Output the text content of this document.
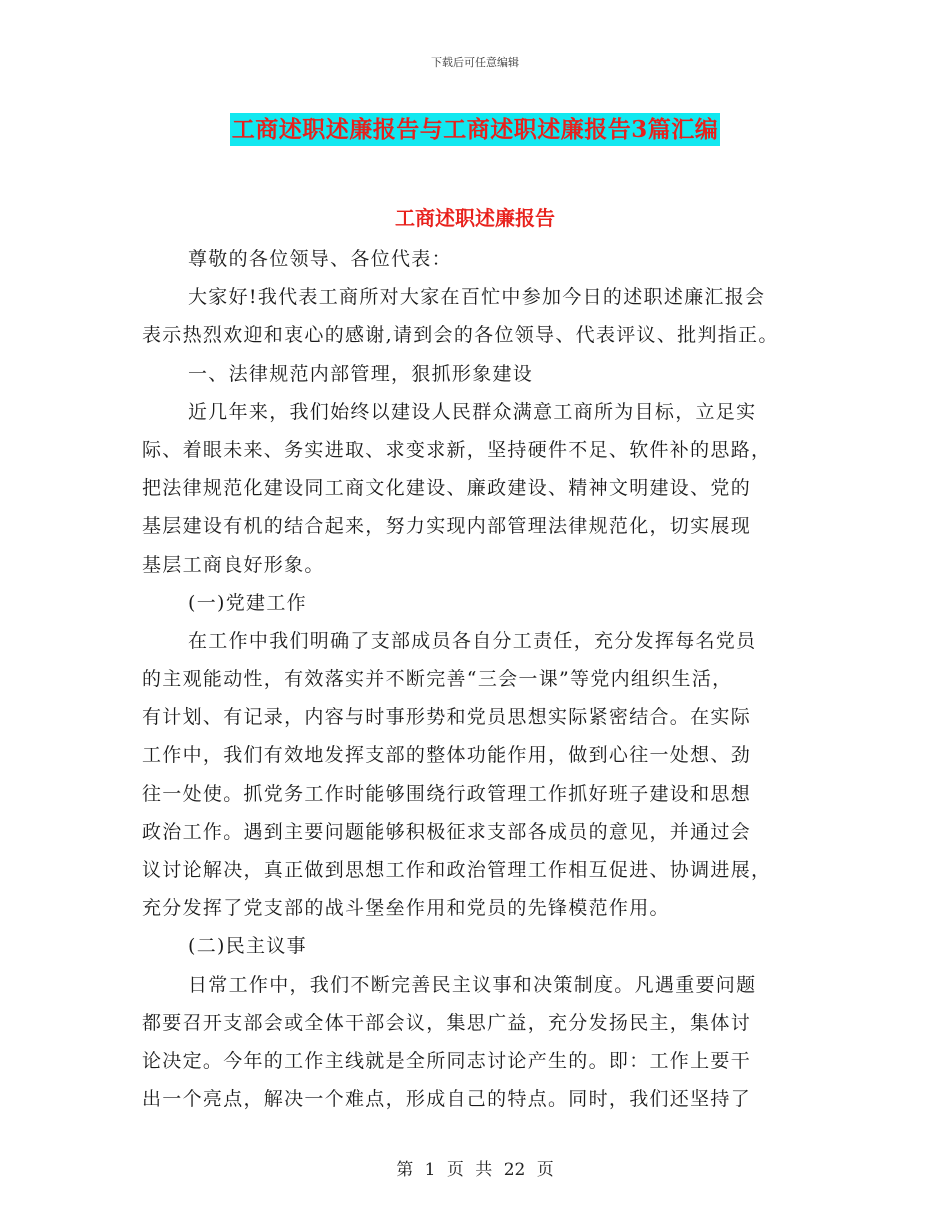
下载后可任意编辑
工商述职述廉报告与工商述职述廉报告3篇汇编
工商述职述廉报告
尊敬的各位领导、各位代表：
大家好!我代表工商所对大家在百忙中参加今日的述职述廉汇报会
表示热烈欢迎和衷心的感谢,请到会的各位领导、代表评议、批判指正。
一、法律规范内部管理，狠抓形象建设
近几年来，我们始终以建设人民群众满意工商所为目标，立足实
际、着眼未来、务实进取、求变求新，坚持硬件不足、软件补的思路，
把法律规范化建设同工商文化建设、廉政建设、精神文明建设、党的
基层建设有机的结合起来，努力实现内部管理法律规范化，切实展现
基层工商良好形象。
(一)党建工作
在工作中我们明确了支部成员各自分工责任，充分发挥每名党员
的主观能动性，有效落实并不断完善“三会一课”等党内组织生活，
有计划、有记录，内容与时事形势和党员思想实际紧密结合。在实际
工作中，我们有效地发挥支部的整体功能作用，做到心往一处想、劲
往一处使。抓党务工作时能够围绕行政管理工作抓好班子建设和思想
政治工作。遇到主要问题能够积极征求支部各成员的意见，并通过会
议讨论解决，真正做到思想工作和政治管理工作相互促进、协调进展，
充分发挥了党支部的战斗堡垒作用和党员的先锋模范作用。
(二)民主议事
日常工作中，我们不断完善民主议事和决策制度。凡遇重要问题
都要召开支部会或全体干部会议，集思广益，充分发扬民主，集体讨
论决定。今年的工作主线就是全所同志讨论产生的。即：工作上要干
出一个亮点，解决一个难点，形成自己的特点。同时，我们还坚持了
第 1 页 共 22 页
